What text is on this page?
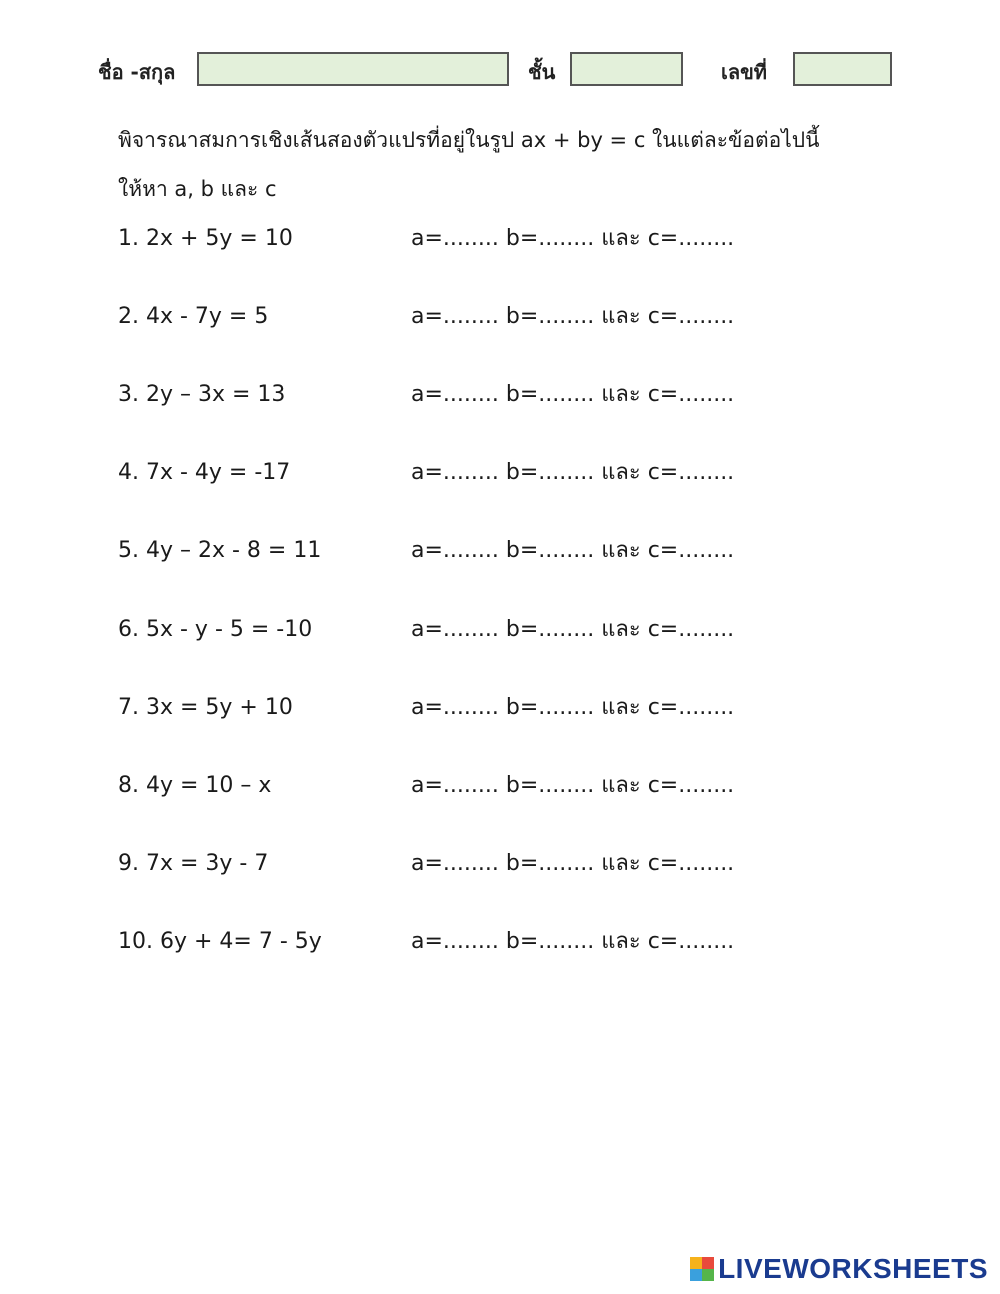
ชื่อ -สกุล	ชั้น	เลขที่
พิจารณาสมการเชิงเส้นสองตัวแปรที่อยู่ในรูป ax + by = c ในแต่ละข้อต่อไปนี้
ให้หา a, b และ c
1. 2x + 5y = 10	a=........ b=........ และ c=........
2. 4x - 7y = 5	a=........ b=........ และ c=........
3. 2y – 3x = 13	a=........ b=........ และ c=........
4. 7x - 4y = -17	a=........ b=........ และ c=........
5. 4y – 2x - 8 = 11	a=........ b=........ และ c=........
6. 5x - y - 5 = -10	a=........ b=........ และ c=........
7. 3x = 5y + 10	a=........ b=........ และ c=........
8. 4y = 10 – x	a=........ b=........ และ c=........
9. 7x = 3y - 7	a=........ b=........ และ c=........
10. 6y + 4= 7 - 5y	a=........ b=........ และ c=........
LIVEWORKSHEETS
